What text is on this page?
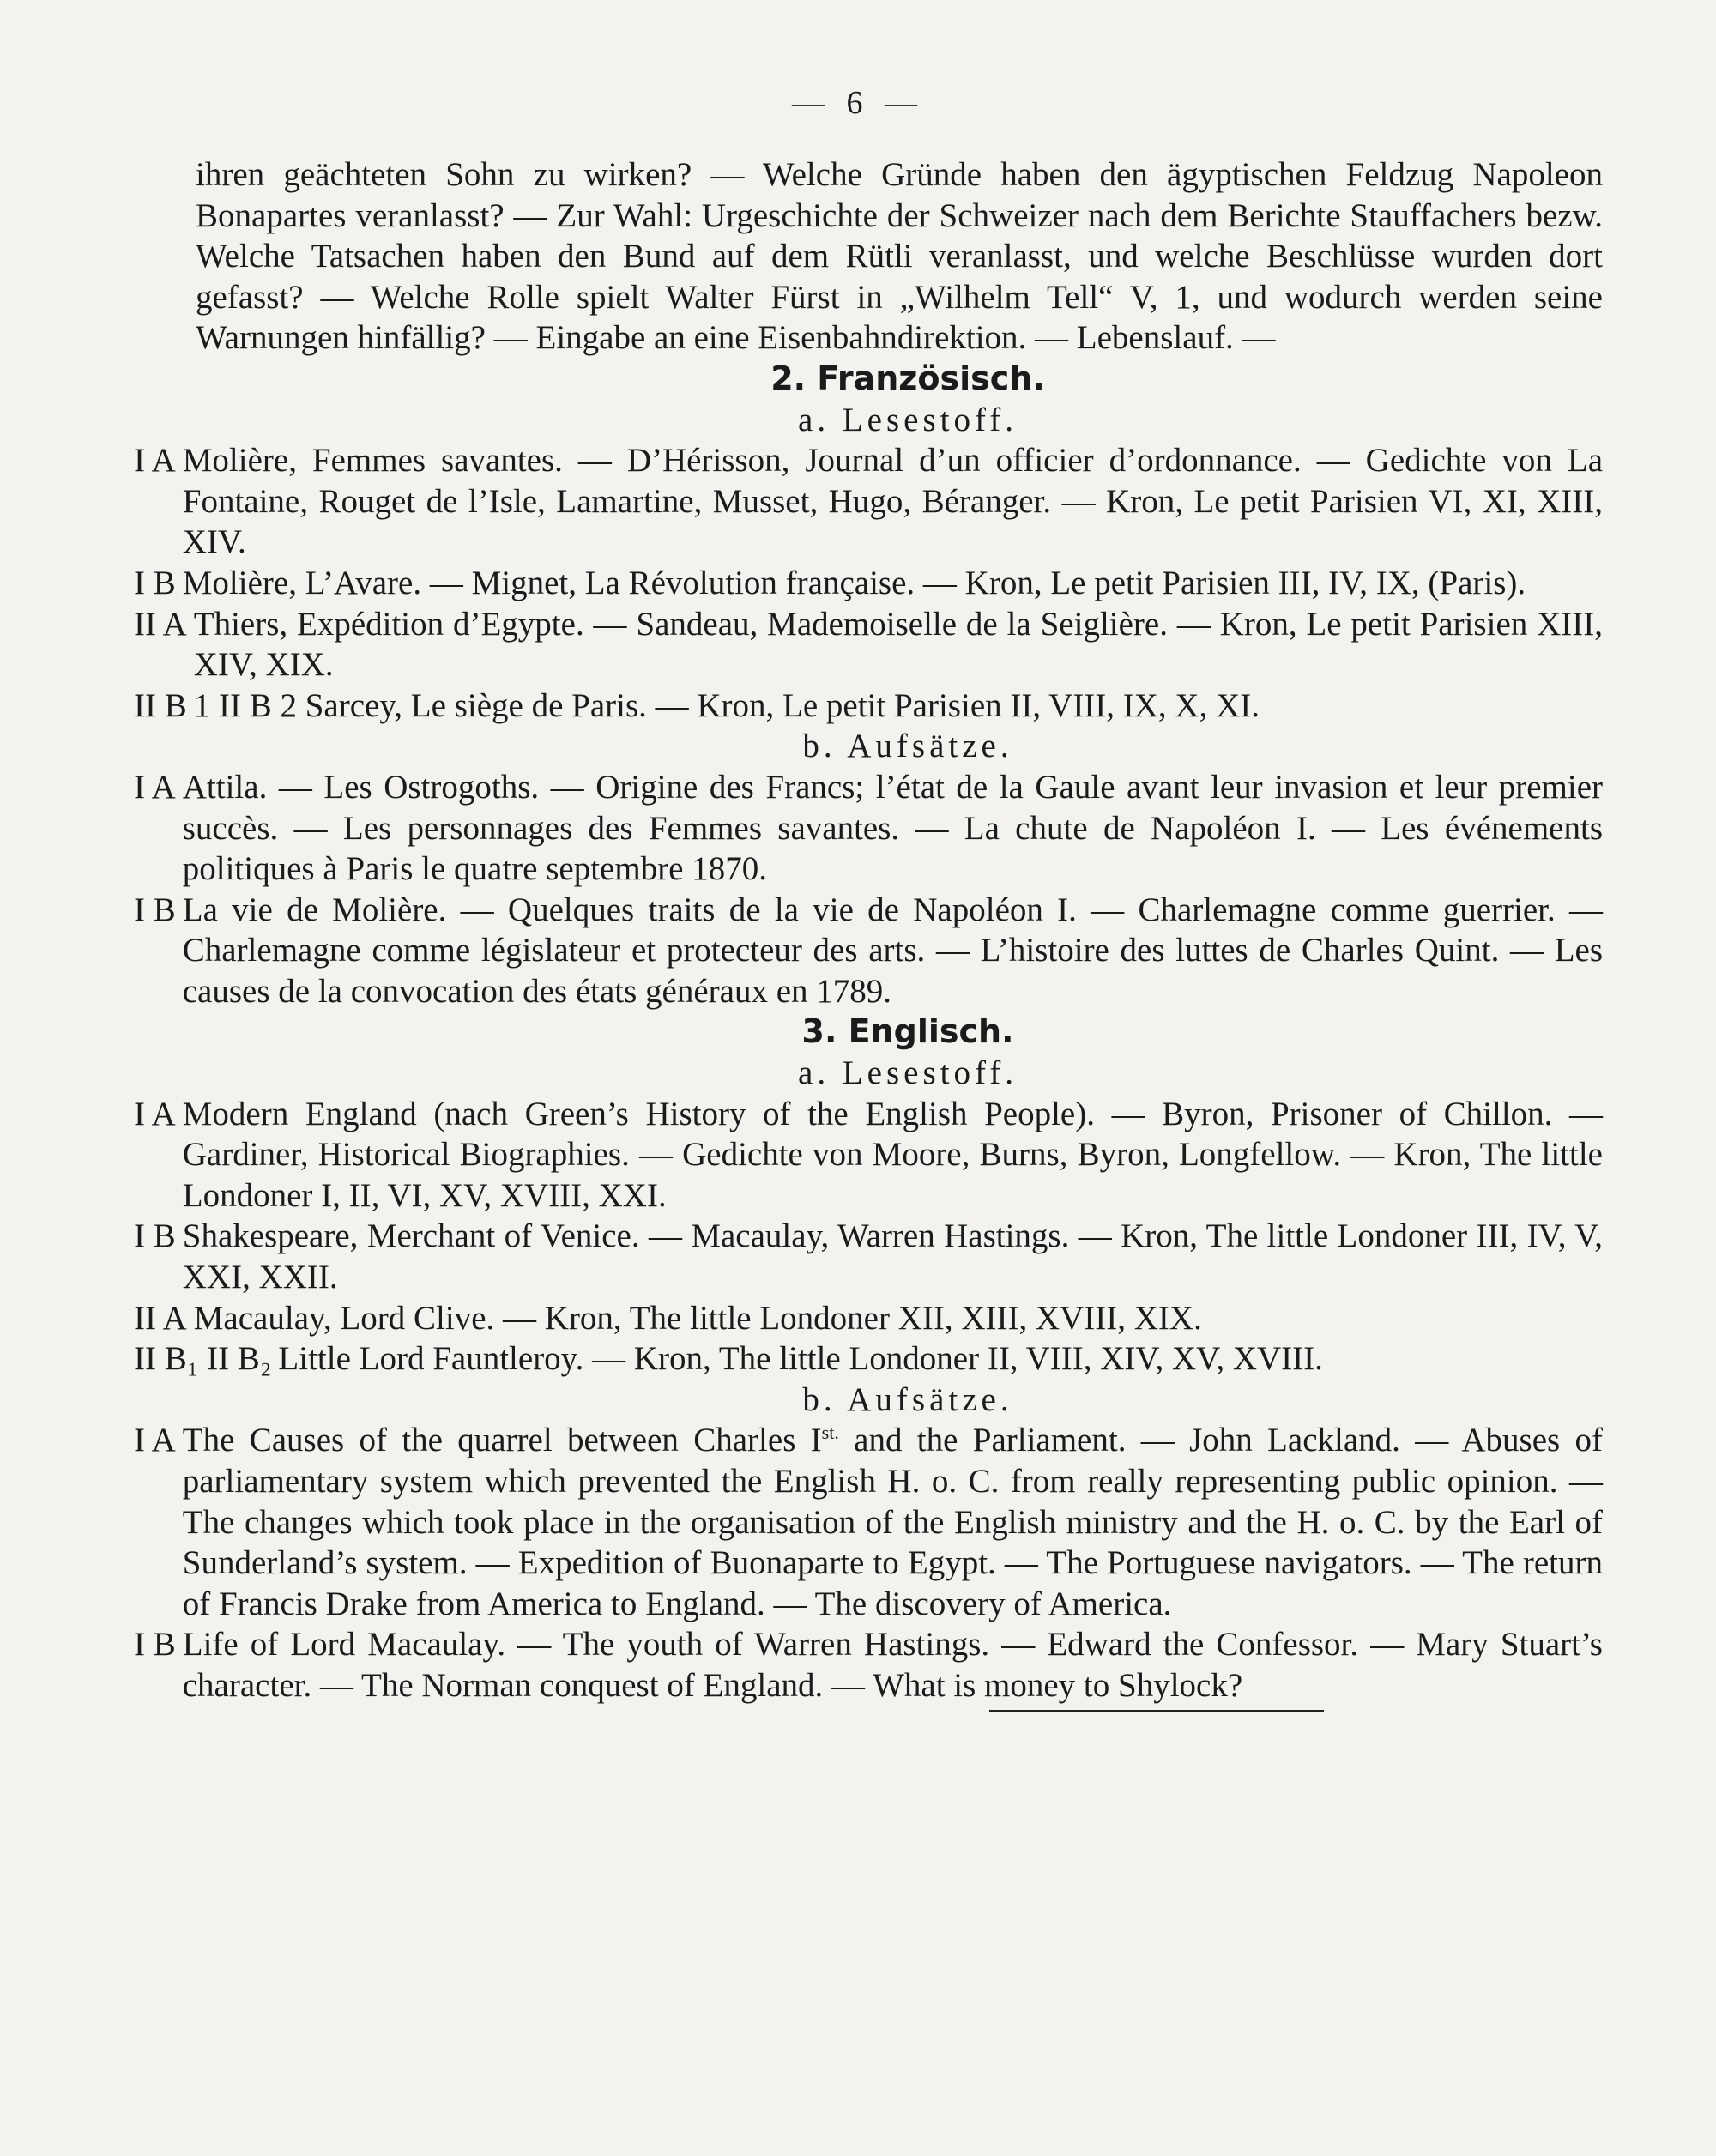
— 6 —

ihren geächteten Sohn zu wirken? — Welche Gründe haben den ägyptischen Feldzug Napoleon Bonapartes veranlasst? — Zur Wahl: Urgeschichte der Schweizer nach dem Berichte Stauffachers bezw. Welche Tatsachen haben den Bund auf dem Rütli veranlasst, und welche Beschlüsse wurden dort gefasst? — Welche Rolle spielt Walter Fürst in „Wilhelm Tell“ V, 1, und wodurch werden seine Warnungen hinfällig? — Eingabe an eine Eisenbahndirektion. — Lebenslauf. —

2. Französisch.
a. Lesestoff.
I A Molière, Femmes savantes. — D’Hérisson, Journal d’un officier d’ordonnance. — Gedichte von La Fontaine, Rouget de l’Isle, Lamartine, Musset, Hugo, Béranger. — Kron, Le petit Parisien VI, XI, XIII, XIV.
I B Molière, L’Avare. — Mignet, La Révolution française. — Kron, Le petit Parisien III, IV, IX, (Paris).
II A Thiers, Expédition d’Egypte. — Sandeau, Mademoiselle de la Seiglière. — Kron, Le petit Parisien XIII, XIV, XIX.
II B 1 II B 2 Sarcey, Le siège de Paris. — Kron, Le petit Parisien II, VIII, IX, X, XI.
b. Aufsätze.
I A Attila. — Les Ostrogoths. — Origine des Francs; l’état de la Gaule avant leur invasion et leur premier succès. — Les personnages des Femmes savantes. — La chute de Napoléon I. — Les événements politiques à Paris le quatre septembre 1870.
I B La vie de Molière. — Quelques traits de la vie de Napoléon I. — Charlemagne comme guerrier. — Charlemagne comme législateur et protecteur des arts. — L’histoire des luttes de Charles Quint. — Les causes de la convocation des états généraux en 1789.
3. Englisch.
a. Lesestoff.
I A Modern England (nach Green’s History of the English People). — Byron, Prisoner of Chillon. — Gardiner, Historical Biographies. — Gedichte von Moore, Burns, Byron, Longfellow. — Kron, The little Londoner I, II, VI, XV, XVIII, XXI.
I B Shakespeare, Merchant of Venice. — Macaulay, Warren Hastings. — Kron, The little Londoner III, IV, V, XXI, XXII.
II A Macaulay, Lord Clive. — Kron, The little Londoner XII, XIII, XVIII, XIX.
II B₁ II B₂ Little Lord Fauntleroy. — Kron, The little Londoner II, VIII, XIV, XV, XVIII.
b. Aufsätze.
I A The Causes of the quarrel between Charles $I^{st.}$ and the Parliament. — John Lackland. — Abuses of parliamentary system which prevented the English H. o. C. from really representing public opinion. — The changes which took place in the organisation of the English ministry and the H. o. C. by the Earl of Sunderland’s system. — Expedition of Buonaparte to Egypt. — The Portuguese navigators. — The return of Francis Drake from America to England. — The discovery of America.
I B Life of Lord Macaulay. — The youth of Warren Hastings. — Edward the Confessor. — Mary Stuart’s character. — The Norman conquest of England. — What is money to Shylock?
